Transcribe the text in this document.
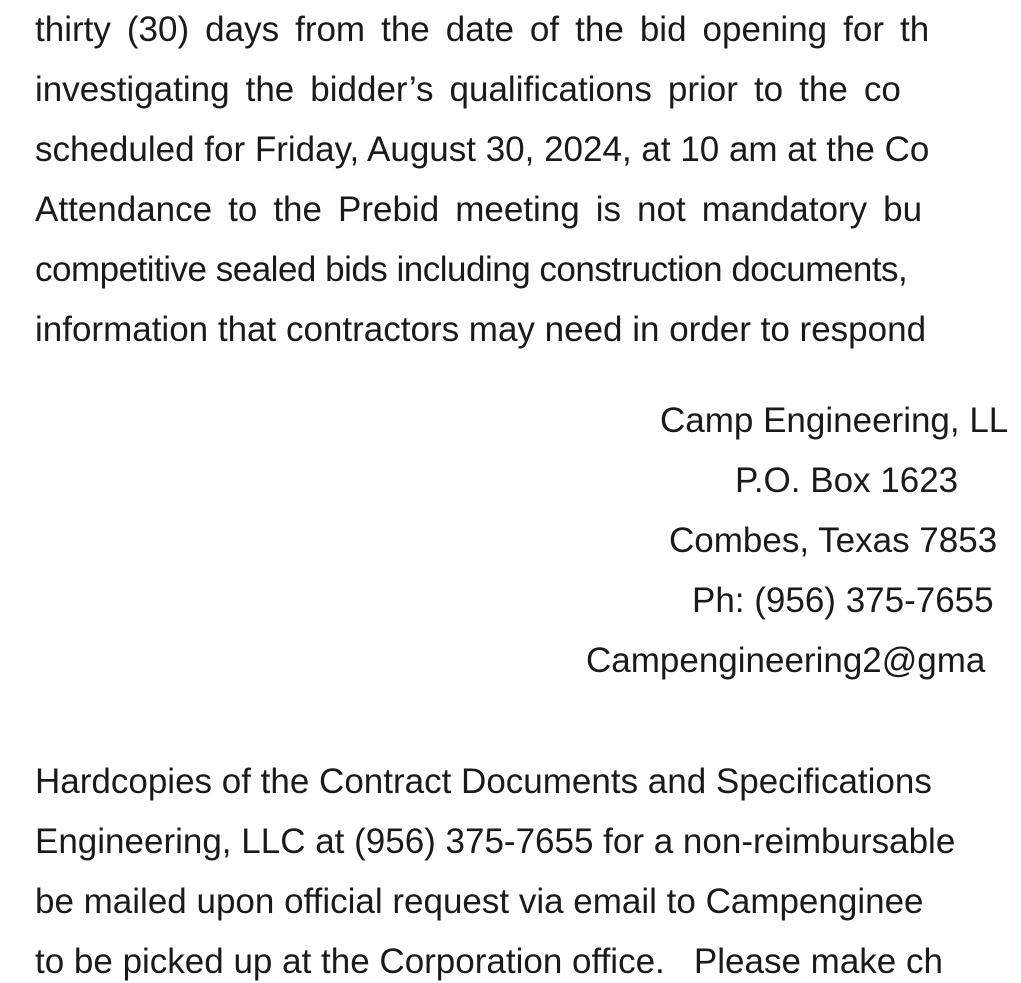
thirty (30) days from the date of the bid opening for th
investigating the bidder’s qualifications prior to the co
scheduled for Friday, August 30, 2024, at 10 am at the Co
Attendance to the Prebid meeting is not mandatory bu
competitive sealed bids including construction documents,
information that contractors may need in order to respond
Camp Engineering, LL
P.O. Box 1623
Combes, Texas 7853
Ph: (956) 375-7655
Campengineering2@gma
Hardcopies of the Contract Documents and Specifications
Engineering, LLC at (956) 375-7655 for a non-reimbursable
be mailed upon official request via email to Campenginee
to be picked up at the Corporation office.   Please make ch
